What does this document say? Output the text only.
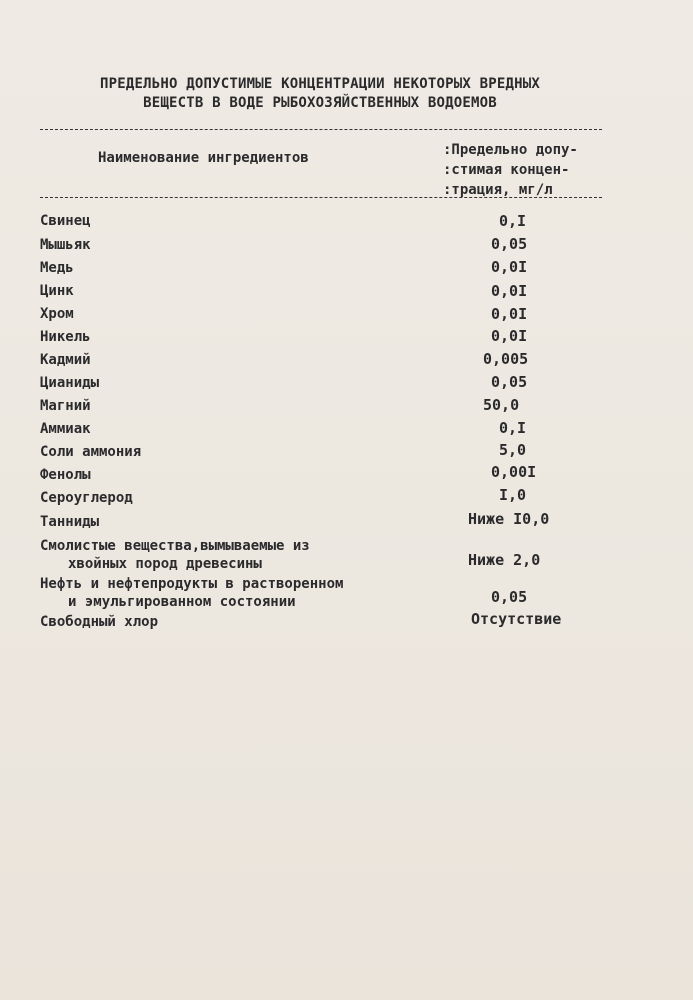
ПРЕДЕЛЬНО ДОПУСТИМЫЕ КОНЦЕНТРАЦИИ НЕКОТОРЫХ ВРЕДНЫХ
ВЕЩЕСТВ В ВОДЕ РЫБОХОЗЯЙСТВЕННЫХ ВОДОЕМОВ
Наименование ингредиентов	:Предельно допу-
:стимая концен-
:трация, мг/л
Свинец	0,I
Мышьяк	0,05
Медь	0,0I
Цинк	0,0I
Хром	0,0I
Никель	0,0I
Кадмий	0,005
Цианиды	0,05
Магний	50,0
Аммиак	0,I
Соли аммония	5,0
Фенолы	0,00I
Сероуглерод	I,0
Танниды	Ниже I0,0
Смолистые вещества,вымываемые из
хвойных пород древесины	Ниже 2,0
Нефть и нефтепродукты в растворенном
и эмульгированном состоянии	0,05
Свободный хлор	Отсутствие
